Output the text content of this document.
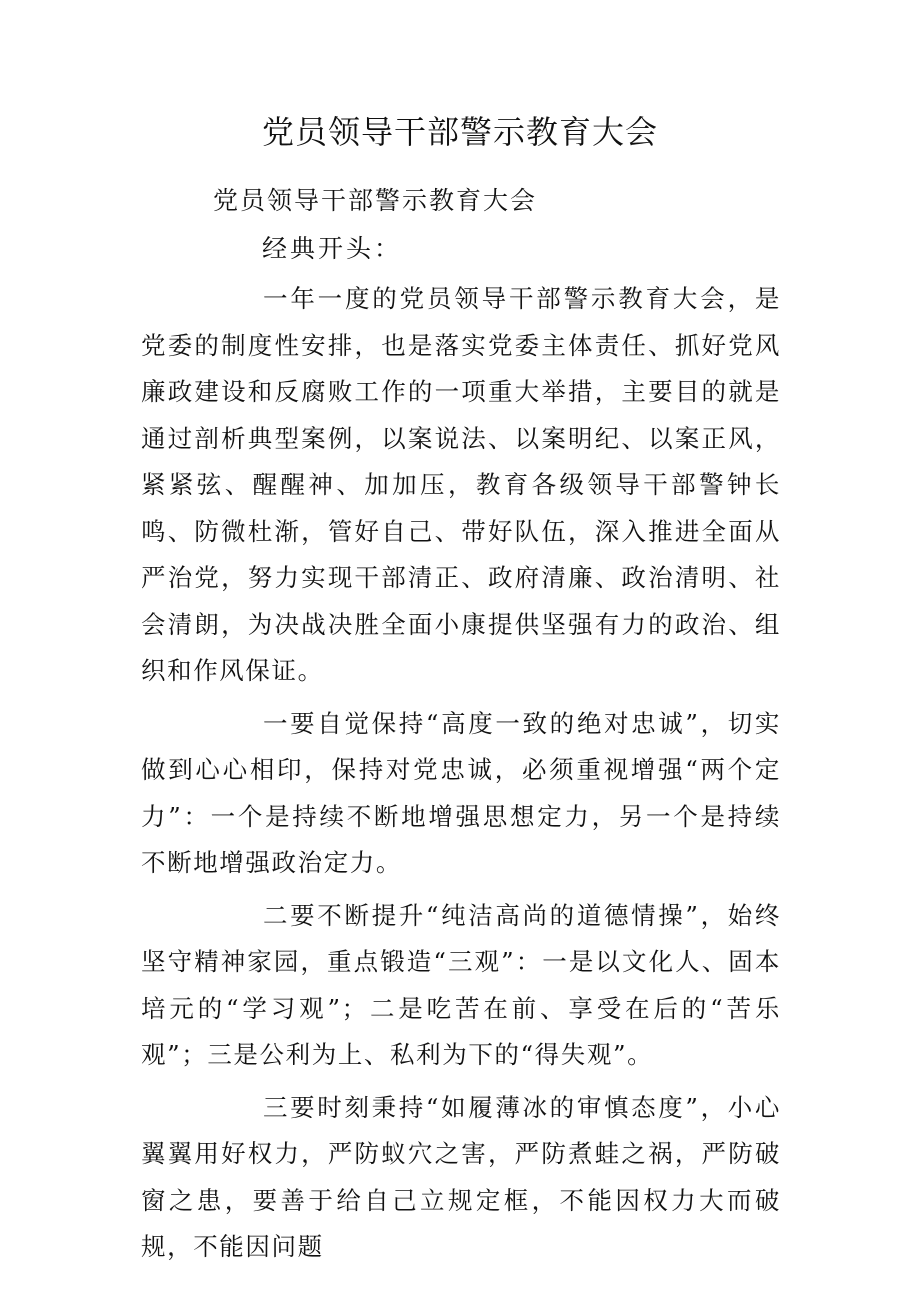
党员领导干部警示教育大会

党员领导干部警示教育大会

经典开头：

一年一度的党员领导干部警示教育大会，是党委的制度性安排，也是落实党委主体责任、抓好党风廉政建设和反腐败工作的一项重大举措，主要目的就是通过剖析典型案例，以案说法、以案明纪、以案正风，紧紧弦、醒醒神、加加压，教育各级领导干部警钟长鸣、防微杜渐，管好自己、带好队伍，深入推进全面从严治党，努力实现干部清正、政府清廉、政治清明、社会清朗，为决战决胜全面小康提供坚强有力的政治、组织和作风保证。

一要自觉保持“高度一致的绝对忠诚”，切实做到心心相印，保持对党忠诚，必须重视增强“两个定力”：一个是持续不断地增强思想定力，另一个是持续不断地增强政治定力。

二要不断提升“纯洁高尚的道德情操”，始终坚守精神家园，重点锻造“三观”：一是以文化人、固本培元的“学习观”；二是吃苦在前、享受在后的“苦乐观”；三是公利为上、私利为下的“得失观”。

三要时刻秉持“如履薄冰的审慎态度”，小心翼翼用好权力，严防蚁穴之害，严防煮蛙之祸，严防破窗之患，要善于给自己立规定框，不能因权力大而破规，不能因问题
